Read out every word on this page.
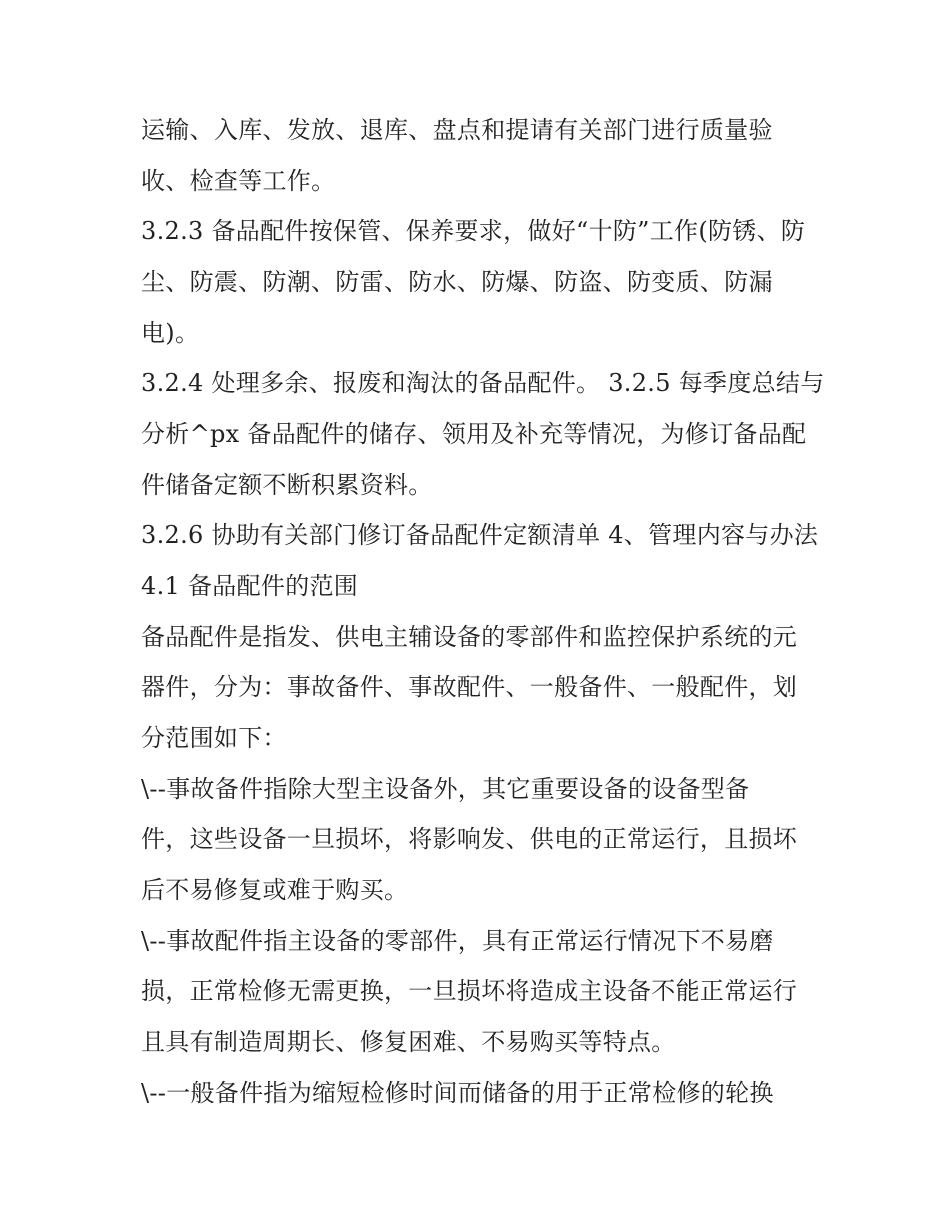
运输、入库、发放、退库、盘点和提请有关部门进行质量验

收、检查等工作。

3.2.3 备品配件按保管、保养要求，做好“十防”工作(防锈、防

尘、防震、防潮、防雷、防水、防爆、防盗、防变质、防漏

电)。

3.2.4 处理多余、报废和淘汰的备品配件。 3.2.5 每季度总结与

分析^px 备品配件的储存、领用及补充等情况，为修订备品配

件储备定额不断积累资料。

3.2.6 协助有关部门修订备品配件定额清单 4、管理内容与办法

4.1 备品配件的范围

备品配件是指发、供电主辅设备的零部件和监控保护系统的元

器件，分为：事故备件、事故配件、一般备件、一般配件，划

分范围如下：

\--事故备件指除大型主设备外，其它重要设备的设备型备

件，这些设备一旦损坏，将影响发、供电的正常运行，且损坏

后不易修复或难于购买。

\--事故配件指主设备的零部件，具有正常运行情况下不易磨

损，正常检修无需更换，一旦损坏将造成主设备不能正常运行

且具有制造周期长、修复困难、不易购买等特点。

\--一般备件指为缩短检修时间而储备的用于正常检修的轮换
